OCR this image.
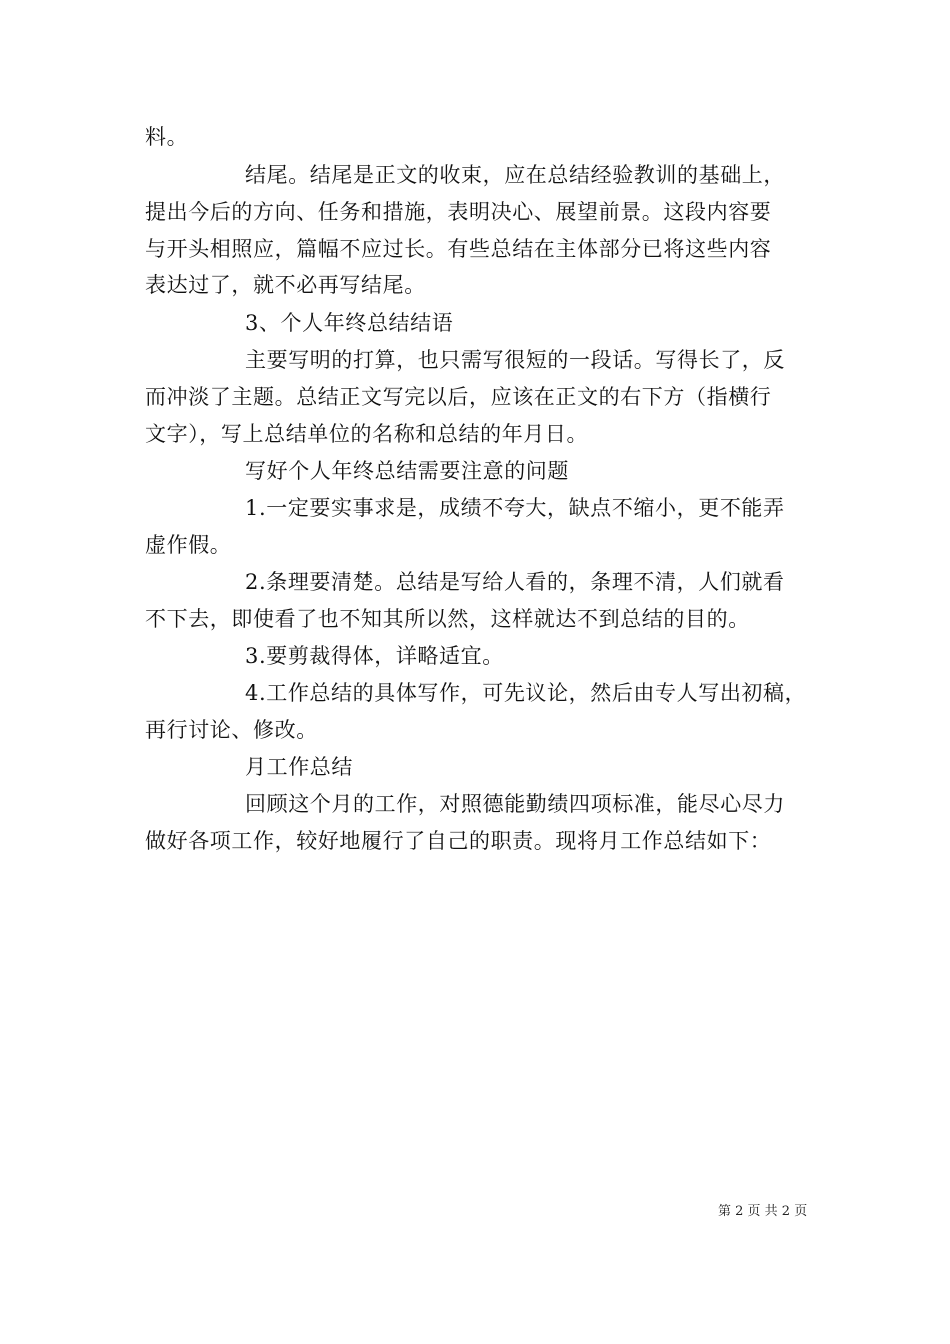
料。
结尾。结尾是正文的收束，应在总结经验教训的基础上，
提出今后的方向、任务和措施，表明决心、展望前景。这段内容要
与开头相照应，篇幅不应过长。有些总结在主体部分已将这些内容
表达过了，就不必再写结尾。
3、个人年终总结结语
主要写明的打算，也只需写很短的一段话。写得长了，反
而冲淡了主题。总结正文写完以后，应该在正文的右下方（指横行
文字），写上总结单位的名称和总结的年月日。
写好个人年终总结需要注意的问题
1.一定要实事求是，成绩不夸大，缺点不缩小，更不能弄
虚作假。
2.条理要清楚。总结是写给人看的，条理不清，人们就看
不下去，即使看了也不知其所以然，这样就达不到总结的目的。
3.要剪裁得体，详略适宜。
4.工作总结的具体写作，可先议论，然后由专人写出初稿，
再行讨论、修改。
月工作总结
回顾这个月的工作，对照德能勤绩四项标准，能尽心尽力
做好各项工作，较好地履行了自己的职责。现将月工作总结如下：
第 2 页 共 2 页
